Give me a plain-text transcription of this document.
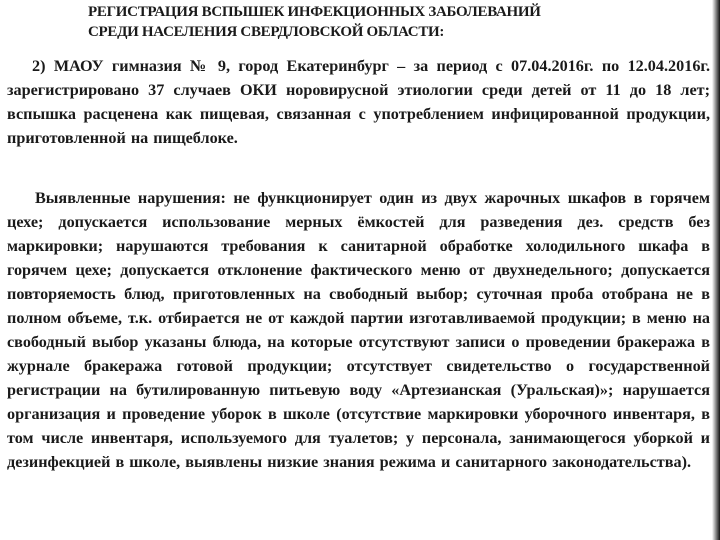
РЕГИСТРАЦИЯ ВСПЫШЕК ИНФЕКЦИОННЫХ ЗАБОЛЕВАНИЙ
СРЕДИ НАСЕЛЕНИЯ СВЕРДЛОВСКОЙ ОБЛАСТИ:
2) МАОУ гимназия № 9, город Екатеринбург – за период с 07.04.2016г. по 12.04.2016г. зарегистрировано 37 случаев ОКИ норовирусной этиологии среди детей от 11 до 18 лет; вспышка расценена как пищевая, связанная с употреблением инфицированной продукции, приготовленной на пищеблоке.
Выявленные нарушения: не функционирует один из двух жарочных шкафов в горячем цехе; допускается использование мерных ёмкостей для разведения дез. средств без маркировки; нарушаются требования к санитарной обработке холодильного шкафа в горячем цехе; допускается отклонение фактического меню от двухнедельного; допускается повторяемость блюд, приготовленных на свободный выбор; суточная проба отобрана не в полном объеме, т.к. отбирается не от каждой партии изготавливаемой продукции; в меню на свободный выбор указаны блюда, на которые отсутствуют записи о проведении бракеража в журнале бракеража готовой продукции; отсутствует свидетельство о государственной регистрации на бутилированную питьевую воду «Артезианская (Уральская)»; нарушается организация и проведение уборок в школе (отсутствие маркировки уборочного инвентаря, в том числе инвентаря, используемого для туалетов; у персонала, занимающегося уборкой и дезинфекцией в школе, выявлены низкие знания режима и санитарного законодательства).
